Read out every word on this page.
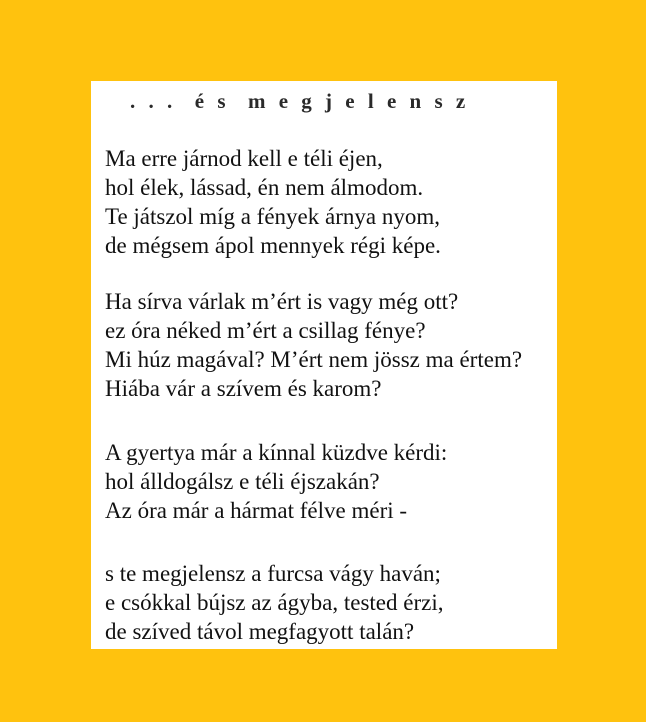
. . .  é s  m e g j e l e n s z
Ma erre járnod kell e téli éjen,
hol élek, lássad, én nem álmodom.
Te játszol míg a fények árnya nyom,
de mégsem ápol mennyek régi képe.
Ha sírva várlak m’ért is vagy még ott?
ez óra néked m’ért a csillag fénye?
Mi húz magával? M’ért nem jössz ma értem?
Hiába vár a szívem és karom?
A gyertya már a kínnal küzdve kérdi:
hol álldogálsz e téli éjszakán?
Az óra már a hármat félve méri -
s te megjelensz a furcsa vágy haván;
e csókkal bújsz az ágyba, tested érzi,
de szíved távol megfagyott talán?
